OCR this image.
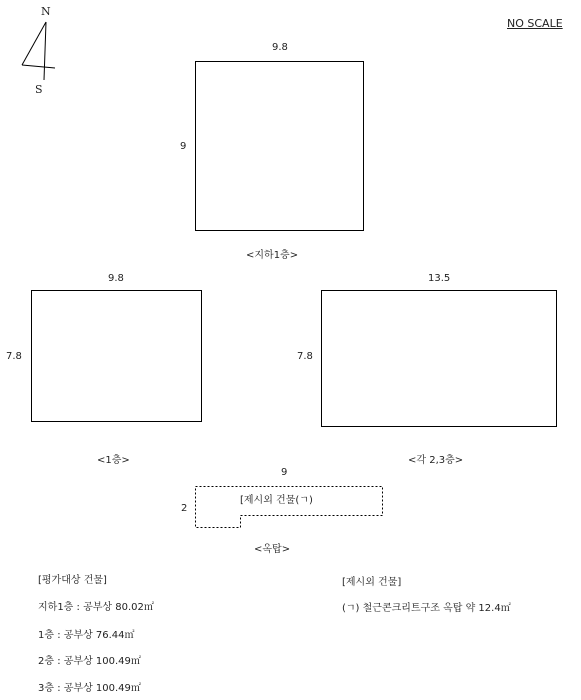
N
S
NO SCALE
9.8
9
<지하1층>
9.8
7.8
<1층>
13.5
7.8
<각 2,3층>
9
2
[제시외 건물(ㄱ)
<옥탑>
[평가대상 건물]
지하1층 : 공부상 80.02㎡
1층 : 공부상 76.44㎡
2층 : 공부상 100.49㎡
3층 : 공부상 100.49㎡
[제시외 건물]
(ㄱ) 철근콘크리트구조 옥탑 약 12.4㎡
